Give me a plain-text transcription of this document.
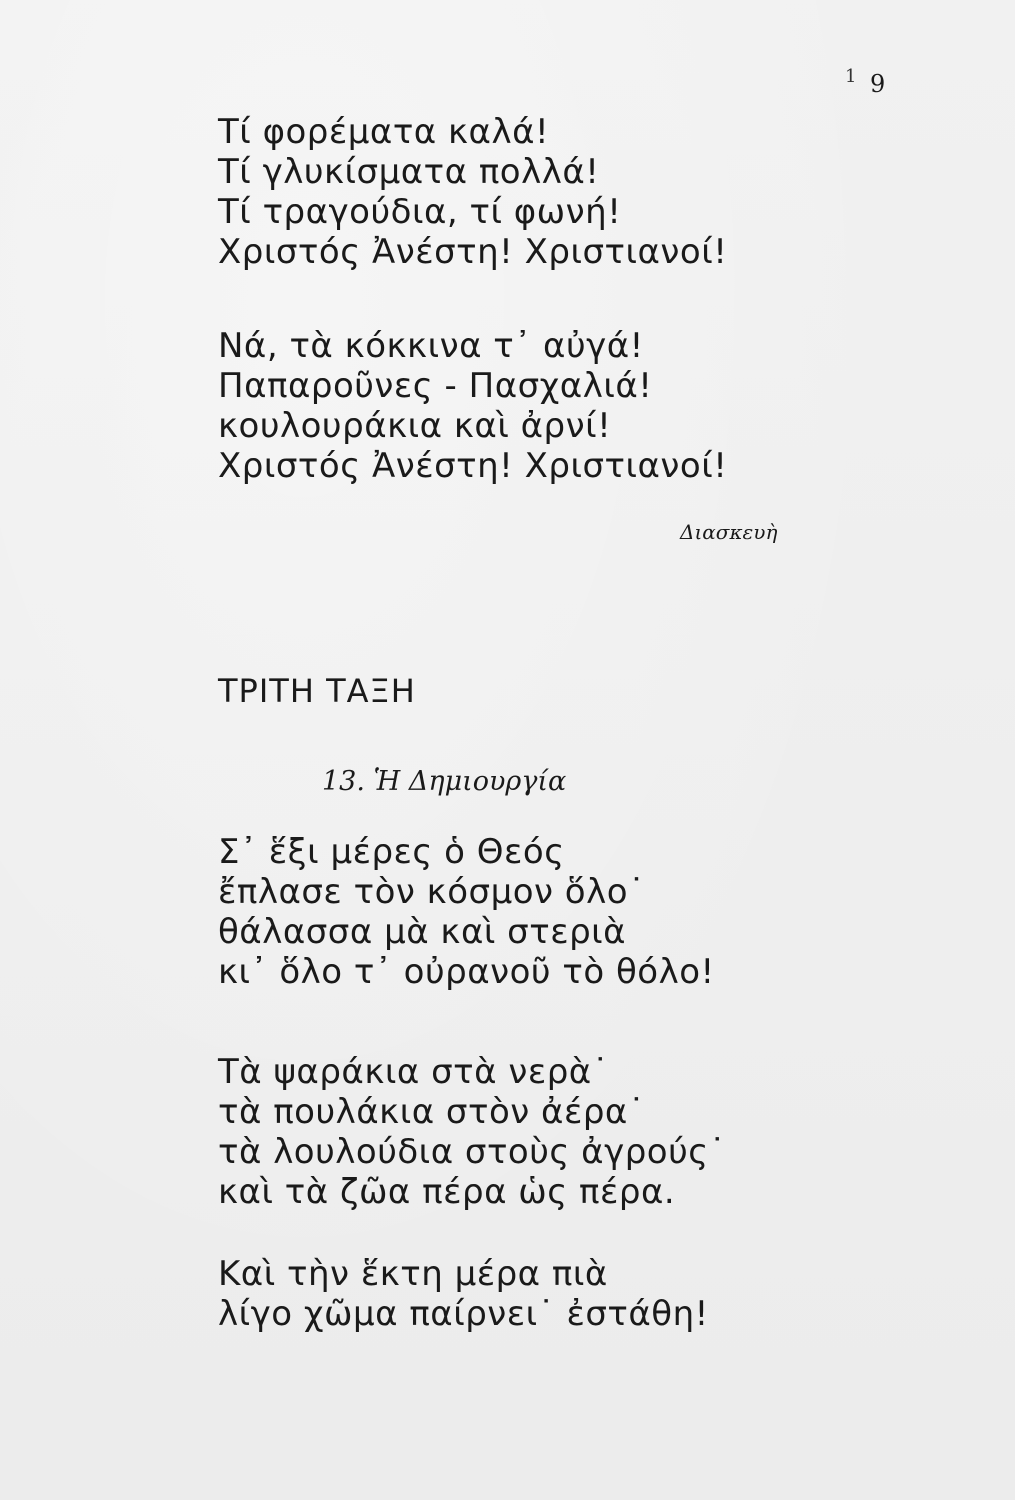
1 9
Τί φορέματα καλά!
Τί γλυκίσματα πολλά!
Τί τραγούδια, τί φωνή!
Χριστός Ἀνέστη! Χριστιανοί!
Νά, τὰ κόκκινα τ᾽ αὐγά!
Παπαροῦνες - Πασχαλιά!
κουλουράκια καὶ ἀρνί!
Χριστός Ἀνέστη! Χριστιανοί!
Διασκευὴ
ΤΡΙΤΗ ΤΑΞΗ
13. Ἡ Δημιουργία
Σ᾽ ἕξι μέρες ὁ Θεός
ἔπλασε τὸν κόσμον ὅλο˙
θάλασσα μὰ καὶ στεριὰ
κι᾽ ὅλο τ᾽ οὐρανοῦ τὸ θόλο!
Τὰ ψαράκια στὰ νερὰ˙
τὰ πουλάκια στὸν ἀέρα˙
τὰ λουλούδια στοὺς ἀγρούς˙
καὶ τὰ ζῶα πέρα ὡς πέρα.
Καὶ τὴν ἕκτη μέρα πιὰ
λίγο χῶμα παίρνει˙ ἐστάθη!
